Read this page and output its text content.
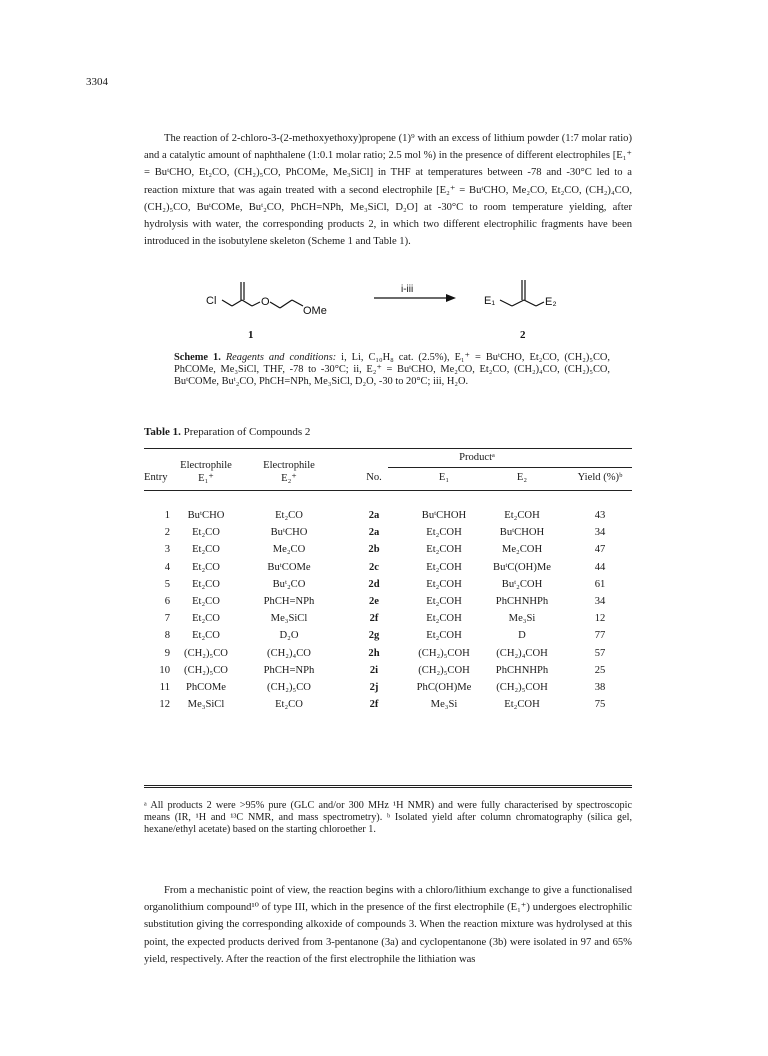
3304

The reaction of 2-chloro-3-(2-methoxyethoxy)propene (1)⁹ with an excess of lithium powder (1:7 molar ratio) and a catalytic amount of naphthalene (1:0.1 molar ratio; 2.5 mol %) in the presence of different electrophiles [E₁⁺ = BuᵗCHO, Et₂CO, (CH₂)₅CO, PhCOMe, Me₃SiCl] in THF at temperatures between -78 and -30°C led to a reaction mixture that was again treated with a second electrophile [E₂⁺ = BuᵗCHO, Me₂CO, Et₂CO, (CH₂)₄CO, (CH₂)₅CO, BuᵗCOMe, Buᵗ₂CO, PhCH=NPh, Me₃SiCl, D₂O] at -30°C to room temperature yielding, after hydrolysis with water, the corresponding products 2, in which two different electrophilic fragments have been introduced in the isobutylene skeleton (Scheme 1 and Table 1).

Cl	O
OMe
i-iii
E₁	E₂
1	2

Scheme 1. Reagents and conditions: i, Li, C₁₀H₈ cat. (2.5%), E₁⁺ = BuᵗCHO, Et₂CO, (CH₂)₅CO, PhCOMe, Me₃SiCl, THF, -78 to -30°C; ii, E₂⁺ = BuᵗCHO, Me₂CO, Et₂CO, (CH₂)₄CO, (CH₂)₅CO, BuᵗCOMe, Buᵗ₂CO, PhCH=NPh, Me₃SiCl, D₂O, -30 to 20°C; iii, H₂O.

Table 1. Preparation of Compounds 2
Productᵃ
Electrophile	Electrophile
Entry	E₁⁺	E₂⁺	No.	E₁	E₂	Yield (%)ᵇ
1	BuᵗCHO	Et₂CO	2a	BuᵗCHOH	Et₂COH	43
2	Et₂CO	BuᵗCHO	2a	Et₂COH	BuᵗCHOH	34
3	Et₂CO	Me₂CO	2b	Et₂COH	Me₂COH	47
4	Et₂CO	BuᵗCOMe	2c	Et₂COH	BuᵗC(OH)Me	44
5	Et₂CO	Buᵗ₂CO	2d	Et₂COH	Buᵗ₂COH	61
6	Et₂CO	PhCH=NPh	2e	Et₂COH	PhCHNHPh	34
7	Et₂CO	Me₃SiCl	2f	Et₂COH	Me₃Si	12
8	Et₂CO	D₂O	2g	Et₂COH	D	77
9	(CH₂)₅CO	(CH₂)₄CO	2h	(CH₂)₅COH	(CH₂)₄COH	57
10	(CH₂)₅CO	PhCH=NPh	2i	(CH₂)₅COH	PhCHNHPh	25
11	PhCOMe	(CH₂)₅CO	2j	PhC(OH)Me	(CH₂)₅COH	38
12	Me₃SiCl	Et₂CO	2f	Me₃Si	Et₂COH	75

ᵃ All products 2 were >95% pure (GLC and/or 300 MHz ¹H NMR) and were fully characterised by spectroscopic means (IR, ¹H and ¹³C NMR, and mass spectrometry). ᵇ Isolated yield after column chromatography (silica gel, hexane/ethyl acetate) based on the starting chloroether 1.

From a mechanistic point of view, the reaction begins with a chloro/lithium exchange to give a functionalised organolithium compound¹⁰ of type III, which in the presence of the first electrophile (E₁⁺) undergoes electrophilic substitution giving the corresponding alkoxide of compounds 3. When the reaction mixture was hydrolysed at this point, the expected products derived from 3-pentanone (3a) and cyclopentanone (3b) were isolated in 97 and 65% yield, respectively. After the reaction of the first electrophile the lithiation was
